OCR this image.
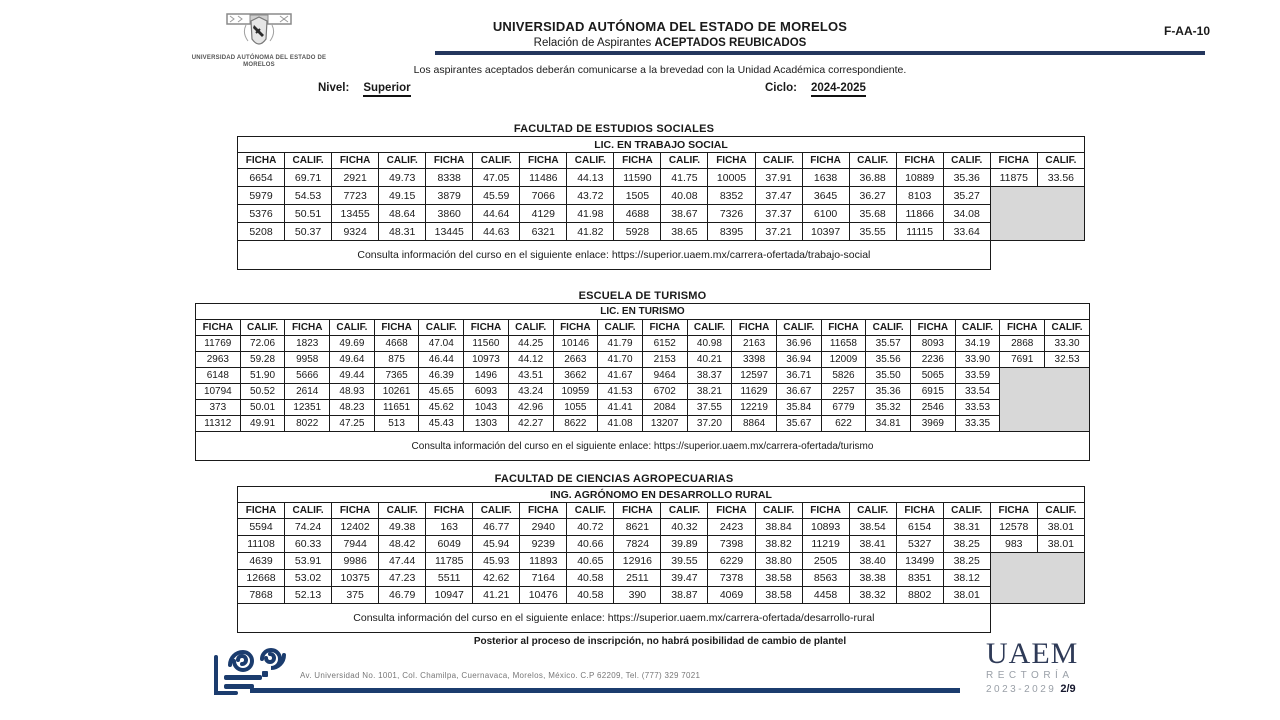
UNIVERSIDAD AUTÓNOMA DEL ESTADO DE MORELOS
UNIVERSIDAD AUTÓNOMA DEL ESTADO DE MORELOS
Relación de Aspirantes ACEPTADOS REUBICADOS
F-AA-10
Los aspirantes aceptados deberán comunicarse a la brevedad con la Unidad Académica correspondiente.
Nivel: Superior	Ciclo: 2024-2025
FACULTAD DE ESTUDIOS SOCIALES
LIC. EN TRABAJO SOCIAL																	
FICHA	CALIF.	FICHA	CALIF.	FICHA	CALIF.	FICHA	CALIF.	FICHA	CALIF.	FICHA	CALIF.	FICHA	CALIF.	FICHA	CALIF.	FICHA	CALIF.
6654	69.71	2921	49.73	8338	47.05	11486	44.13	11590	41.75	10005	37.91	1638	36.88	10889	35.36	11875	33.56
5979	54.53	7723	49.15	3879	45.59	7066	43.72	1505	40.08	8352	37.47	3645	36.27	8103	35.27		
5376	50.51	13455	48.64	3860	44.64	4129	41.98	4688	38.67	7326	37.37	6100	35.68	11866	34.08		
5208	50.37	9324	48.31	13445	44.63	6321	41.82	5928	38.65	8395	37.21	10397	35.55	11115	33.64		
Consulta información del curso en el siguiente enlace: https://superior.uaem.mx/carrera-ofertada/trabajo-social																	
ESCUELA DE TURISMO
LIC. EN TURISMO																			
FICHA	CALIF.	FICHA	CALIF.	FICHA	CALIF.	FICHA	CALIF.	FICHA	CALIF.	FICHA	CALIF.	FICHA	CALIF.	FICHA	CALIF.	FICHA	CALIF.	FICHA	CALIF.
11769	72.06	1823	49.69	4668	47.04	11560	44.25	10146	41.79	6152	40.98	2163	36.96	11658	35.57	8093	34.19	2868	33.30
2963	59.28	9958	49.64	875	46.44	10973	44.12	2663	41.70	2153	40.21	3398	36.94	12009	35.56	2236	33.90	7691	32.53
6148	51.90	5666	49.44	7365	46.39	1496	43.51	3662	41.67	9464	38.37	12597	36.71	5826	35.50	5065	33.59		
10794	50.52	2614	48.93	10261	45.65	6093	43.24	10959	41.53	6702	38.21	11629	36.67	2257	35.36	6915	33.54		
373	50.01	12351	48.23	11651	45.62	1043	42.96	1055	41.41	2084	37.55	12219	35.84	6779	35.32	2546	33.53		
11312	49.91	8022	47.25	513	45.43	1303	42.27	8622	41.08	13207	37.20	8864	35.67	622	34.81	3969	33.35		
Consulta información del curso en el siguiente enlace: https://superior.uaem.mx/carrera-ofertada/turismo																			
FACULTAD DE CIENCIAS AGROPECUARIAS
ING. AGRÓNOMO EN DESARROLLO RURAL																	
FICHA	CALIF.	FICHA	CALIF.	FICHA	CALIF.	FICHA	CALIF.	FICHA	CALIF.	FICHA	CALIF.	FICHA	CALIF.	FICHA	CALIF.	FICHA	CALIF.
5594	74.24	12402	49.38	163	46.77	2940	40.72	8621	40.32	2423	38.84	10893	38.54	6154	38.31	12578	38.01
11108	60.33	7944	48.42	6049	45.94	9239	40.66	7824	39.89	7398	38.82	11219	38.41	5327	38.25	983	38.01
4639	53.91	9986	47.44	11785	45.93	11893	40.65	12916	39.55	6229	38.80	2505	38.40	13499	38.25		
12668	53.02	10375	47.23	5511	42.62	7164	40.58	2511	39.47	7378	38.58	8563	38.38	8351	38.12		
7868	52.13	375	46.79	10947	41.21	10476	40.58	390	38.87	4069	38.58	4458	38.32	8802	38.01		
Consulta información del curso en el siguiente enlace: https://superior.uaem.mx/carrera-ofertada/desarrollo-rural																	
Posterior al proceso de inscripción, no habrá posibilidad de cambio de plantel
Av. Universidad No. 1001, Col. Chamilpa, Cuernavaca, Morelos, México. C.P 62209, Tel. (777) 329 7021
UAEM
RECTORÍA
2023-2029 2/9
